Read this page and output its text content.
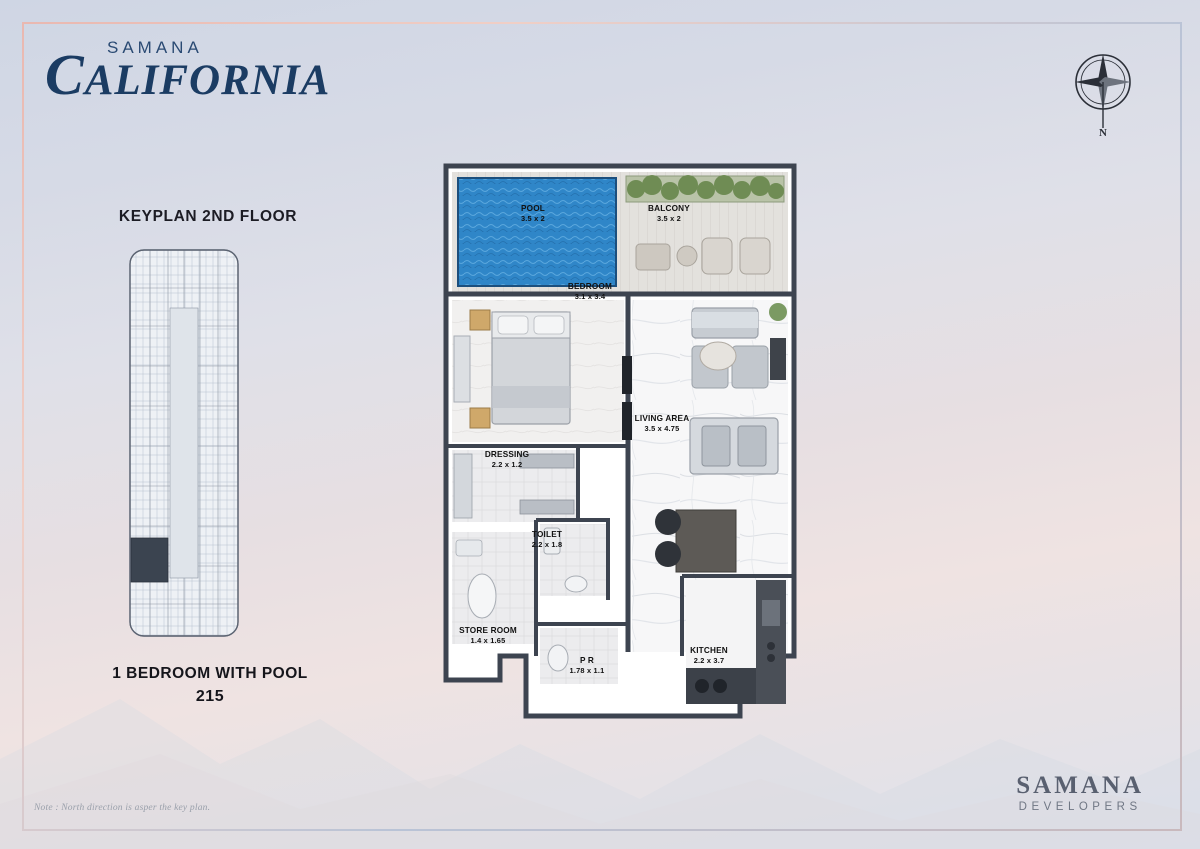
SAMANA
CALIFORNIA
N
KEYPLAN 2ND FLOOR
1 BEDROOM WITH POOL
215
POOL
3.5 x 2
BALCONY
3.5 x 2
BEDROOM
3.1 x 3.4
LIVING AREA
3.5 x 4.75
DRESSING
2.2 x 1.2
TOILET
2.2 x 1.8
STORE ROOM
1.4 x 1.65
P R
1.78 x 1.1
KITCHEN
2.2 x 3.7
Note : North direction is asper the key plan.
SAMANA
DEVELOPERS
